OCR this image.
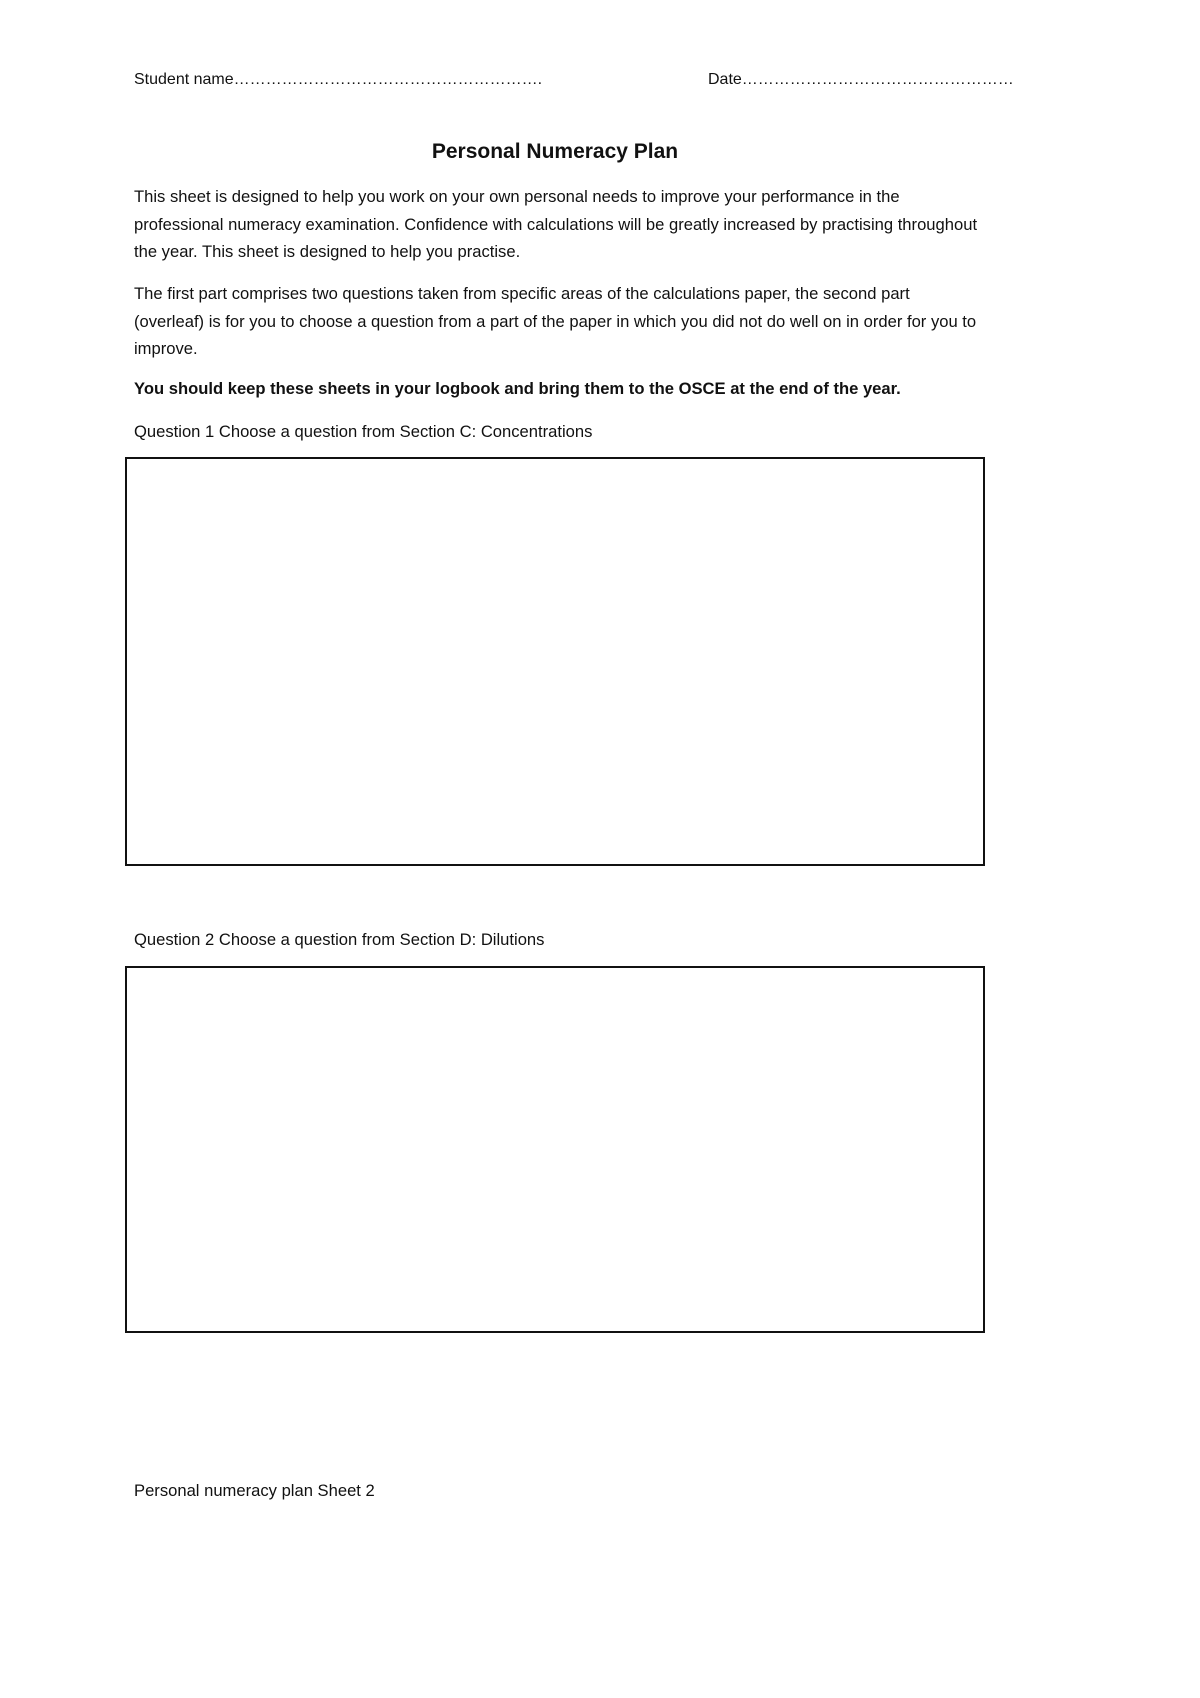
Student name………………………………………………….	Date……………………………………………
Personal Numeracy Plan
This sheet is designed to help you work on your own personal needs to improve your performance in the professional numeracy examination. Confidence with calculations will be greatly increased by practising throughout the year. This sheet is designed to help you practise.
The first part comprises two questions taken from specific areas of the calculations paper, the second part (overleaf) is for you to choose a question from a part of the paper in which you did not do well on in order for you to improve.
You should keep these sheets in your logbook and bring them to the OSCE at the end of the year.
Question 1 Choose a question from Section C: Concentrations
Question 2 Choose a question from Section D: Dilutions
Personal numeracy plan Sheet 2
